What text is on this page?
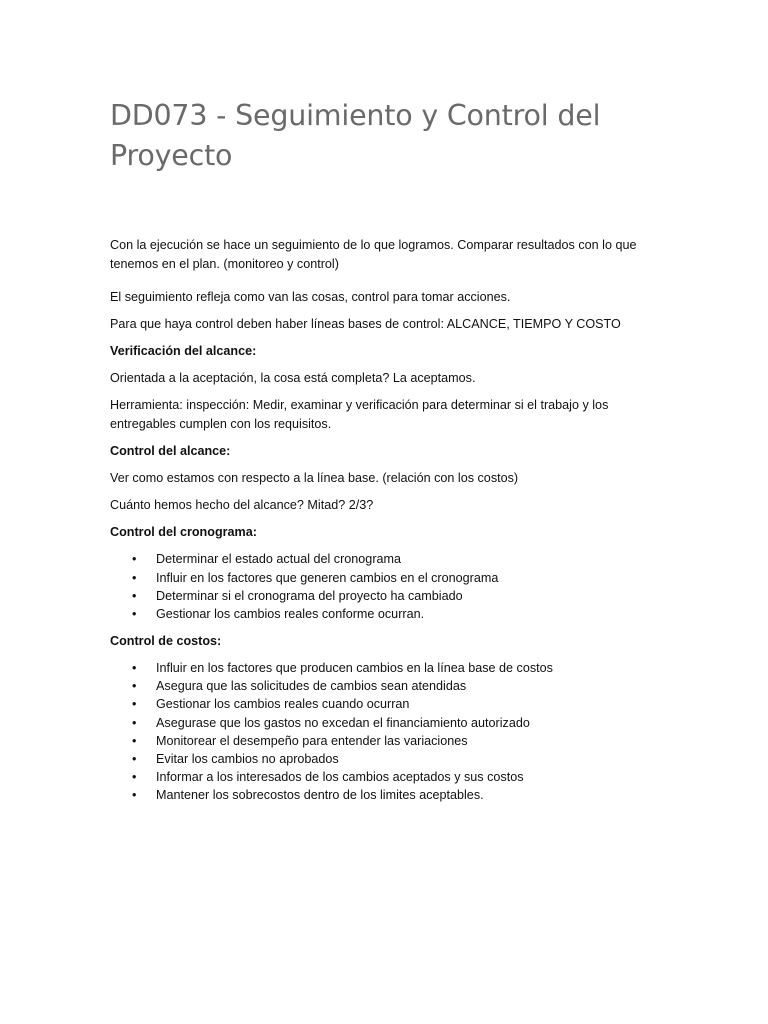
DD073 - Seguimiento y Control del Proyecto

Con la ejecución se hace un seguimiento de lo que logramos. Comparar resultados con lo que tenemos en el plan. (monitoreo y control)

El seguimiento refleja como van las cosas, control para tomar acciones.

Para que haya control deben haber líneas bases de control: ALCANCE, TIEMPO Y COSTO

Verificación del alcance:

Orientada a la aceptación, la cosa está completa? La aceptamos.

Herramienta: inspección: Medir, examinar y verificación para determinar si el trabajo y los entregables cumplen con los requisitos.

Control del alcance:

Ver como estamos con respecto a la línea base. (relación con los costos)

Cuánto hemos hecho del alcance? Mitad? 2/3?

Control del cronograma:

• Determinar el estado actual del cronograma
• Influir en los factores que generen cambios en el cronograma
• Determinar si el cronograma del proyecto ha cambiado
• Gestionar los cambios reales conforme ocurran.

Control de costos:

• Influir en los factores que producen cambios en la línea base de costos
• Asegura que las solicitudes de cambios sean atendidas
• Gestionar los cambios reales cuando ocurran
• Asegurase que los gastos no excedan el financiamiento autorizado
• Monitorear el desempeño para entender las variaciones
• Evitar los cambios no aprobados
• Informar a los interesados de los cambios aceptados y sus costos
• Mantener los sobrecostos dentro de los limites aceptables.
